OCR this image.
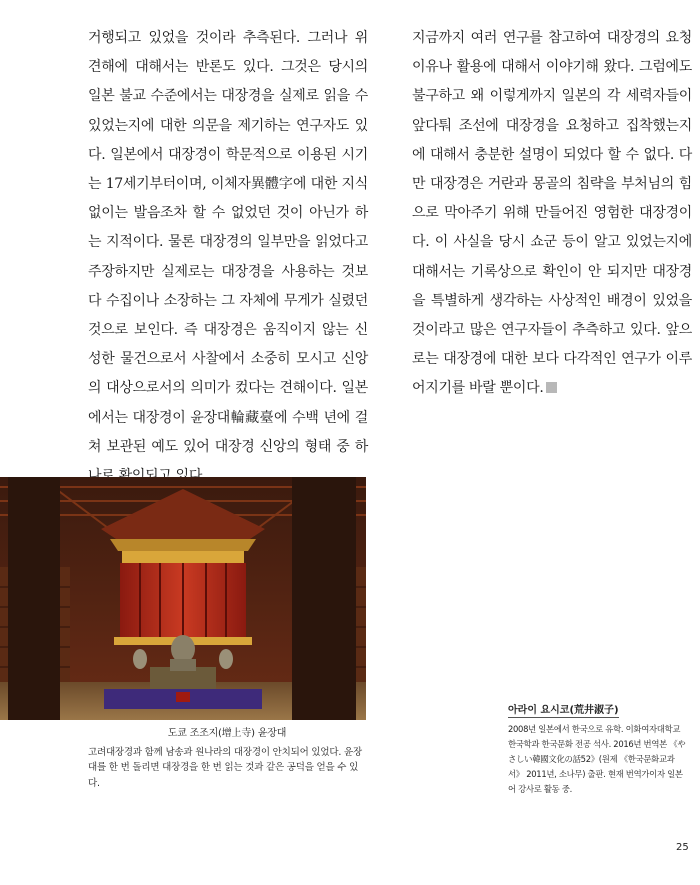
거행되고 있었을 것이라 추측된다. 그러나 위 견해에 대해서는 반론도 있다. 그것은 당시의 일본 불교 수준에서는 대장경을 실제로 읽을 수 있었는지에 대한 의문을 제기하는 연구자도 있다. 일본에서 대장경이 학문적으로 이용된 시기는 17세기부터이며, 이체자異體字에 대한 지식 없이는 발음조차 할 수 없었던 것이 아닌가 하는 지적이다. 물론 대장경의 일부만을 읽었다고 주장하지만 실제로는 대장경을 사용하는 것보다 수집이나 소장하는 그 자체에 무게가 실렸던 것으로 보인다. 즉 대장경은 움직이지 않는 신성한 물건으로서 사찰에서 소중히 모시고 신앙의 대상으로서의 의미가 컸다는 견해이다. 일본에서는 대장경이 윤장대輪藏臺에 수백 년에 걸쳐 보관된 예도 있어 대장경 신앙의 형태 중 하

지금까지 여러 연구를 참고하여 대장경의 요청 이유나 활용에 대해서 이야기해 왔다. 그럼에도 불구하고 왜 이렇게까지 일본의 각 세력자들이 앞다퉈 조선에 대장경을 요청하고 집착했는지에 대해서 충분한 설명이 되었다 할 수 없다. 다만 대장경은 거란과 몽골의 침략을 부처님의 힘으로 막아주기 위해 만들어진 영험한 대장경이다. 이 사실을 당시 쇼군 등이 알고 있었는지에 대해서는 기록상으로 확인이 안 되지만 대장경을 특별하게 생각하는 사상적인 배경이 있었을 것이라고 많은 연구자들이 추측하고 있다. 앞으로는 대장경에 대한 보다 다각적인 연구가 이루어지기를 바랄 뿐이다.

도쿄 조조지(增上寺) 윤장대
고려대장경과 함께 남송과 원나라의 대장경이 안치되어 있었다. 윤장대를 한 번 돌리면 대장경을 한 번 읽는 것과 같은 공덕을 얻을 수 있다.
아라이 요시코(荒井淑子)
2008년 일본에서 한국으로 유학. 이화여자대학교 한국학과 한국문화 전공 석사. 2016년 번역본 《やさしい韓國文化の話52》(원제 《한국문화교과서》 2011년, 소나무) 출판. 현재 번역가이자 일본어 강사로 활동 중.
25
